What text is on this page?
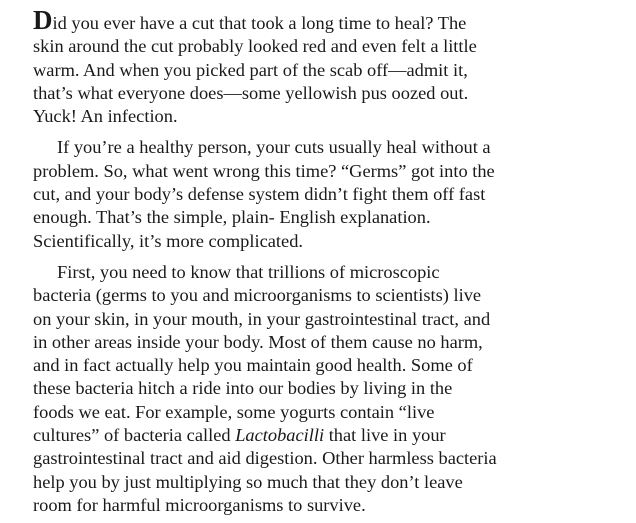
Did you ever have a cut that took a long time to heal? The
skin around the cut probably looked red and even felt a little
warm. And when you picked part of the scab off—admit it,
that’s what everyone does—some yellowish pus oozed out.
Yuck! An infection.

If you’re a healthy person, your cuts usually heal without a
problem. So, what went wrong this time? “Germs” got into the
cut, and your body’s defense system didn’t fight them off fast
enough. That’s the simple, plain- English explanation.
Scientifically, it’s more complicated.

First, you need to know that trillions of microscopic
bacteria (germs to you and microorganisms to scientists) live
on your skin, in your mouth, in your gastrointestinal tract, and
in other areas inside your body. Most of them cause no harm,
and in fact actually help you maintain good health. Some of
these bacteria hitch a ride into our bodies by living in the
foods we eat. For example, some yogurts contain “live
cultures” of bacteria called Lactobacilli that live in your
gastrointestinal tract and aid digestion. Other harmless bacteria
help you by just multiplying so much that they don’t leave
room for harmful microorganisms to survive.
